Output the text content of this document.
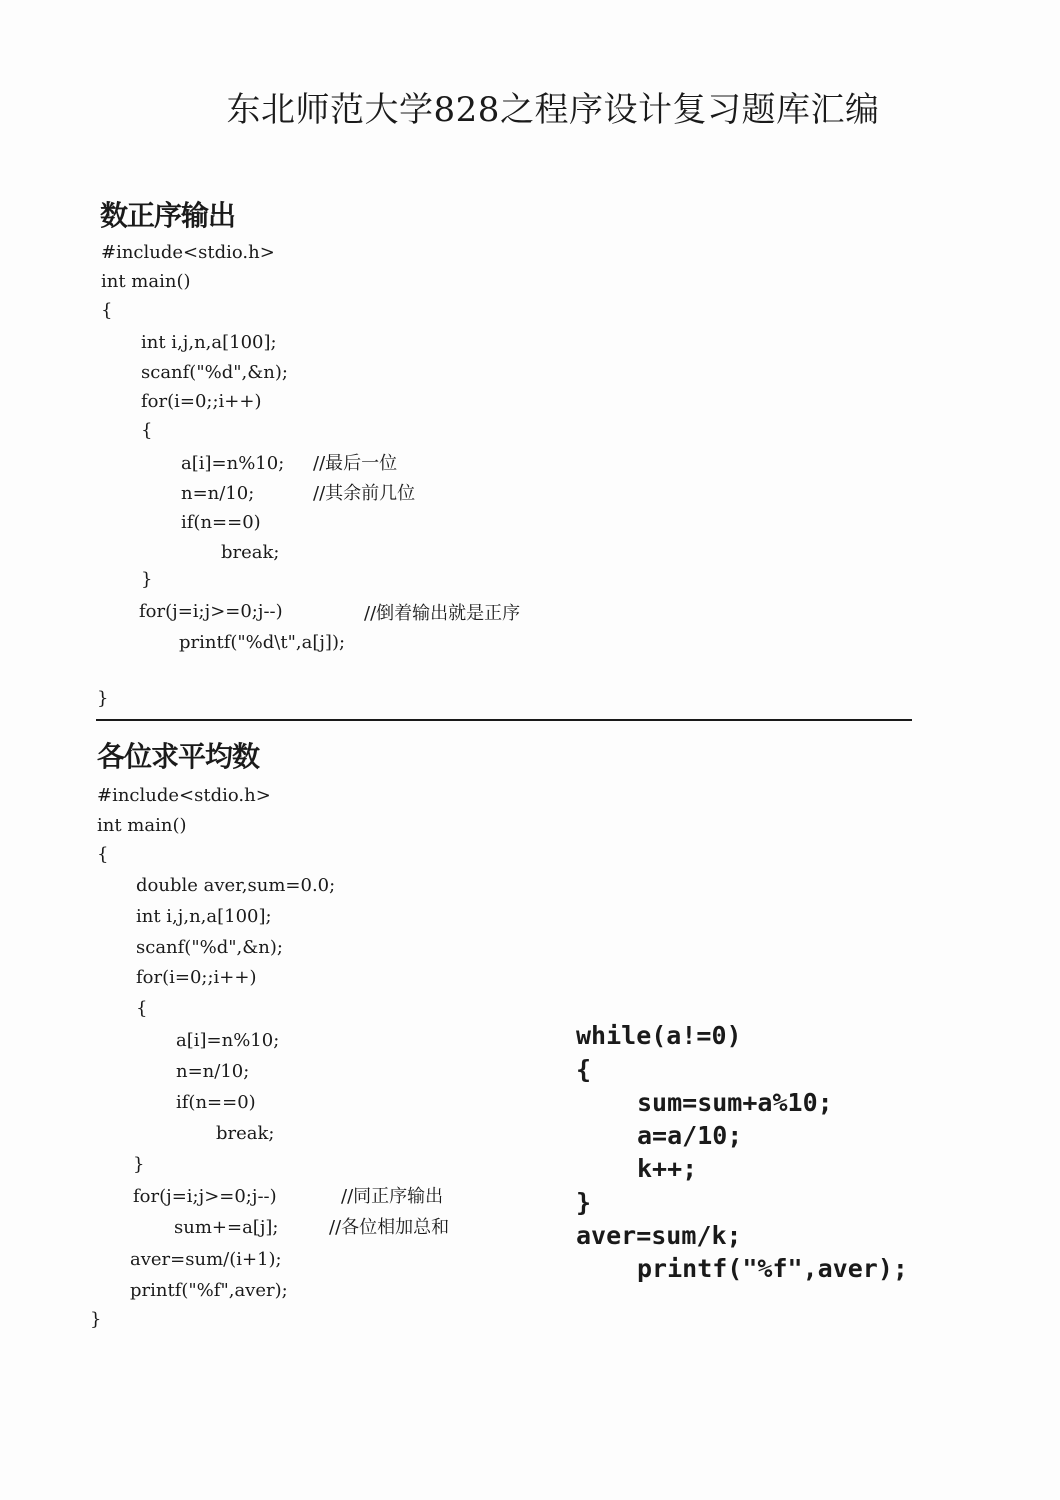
东北师范大学828之程序设计复习题库汇编
数正序输出
#include<stdio.h>
int main()
{
int i,j,n,a[100];
scanf("%d",&n);
for(i=0;;i++)
{
a[i]=n%10; //最后一位
n=n/10;	//其余前几位
if(n==0)
break;
}
for(j=i;j>=0;j--)	//倒着输出就是正序
printf("%d\t",a[j]);
}
各位求平均数
#include<stdio.h>
int main()
{
double aver,sum=0.0;
int i,j,n,a[100];
scanf("%d",&n);
for(i=0;;i++)
{
a[i]=n%10;
n=n/10;
if(n==0)
break;
}
for(j=i;j>=0;j--)	//同正序输出
sum+=a[j];	//各位相加总和
aver=sum/(i+1);
printf("%f",aver);
}
while(a!=0)
{
sum=sum+a%10;
a=a/10;
k++;
}
aver=sum/k;
printf("%f",aver);
